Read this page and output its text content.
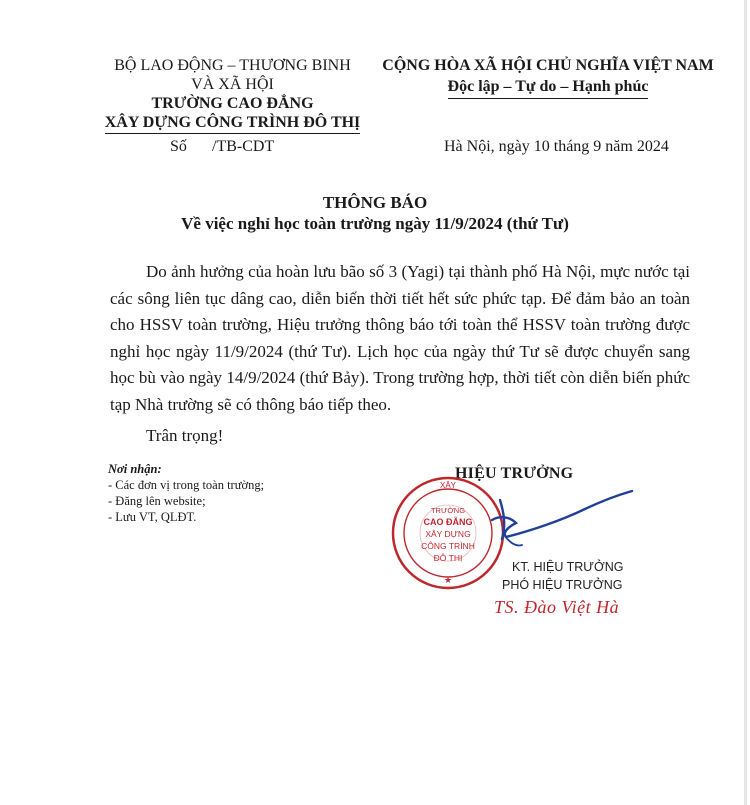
BỘ LAO ĐỘNG – THƯƠNG BINH
VÀ XÃ HỘI
TRƯỜNG CAO ĐẲNG
XÂY DỰNG CÔNG TRÌNH ĐÔ THỊ
CỘNG HÒA XÃ HỘI CHỦ NGHĨA VIỆT NAM
Độc lập – Tự do – Hạnh phúc
Số /TB-CDT	Hà Nội, ngày 10 tháng 9 năm 2024
THÔNG BÁO
Về việc nghỉ học toàn trường ngày 11/9/2024 (thứ Tư)
Do ảnh hưởng của hoàn lưu bão số 3 (Yagi) tại thành phố Hà Nội, mực nước tại các sông liên tục dâng cao, diễn biến thời tiết hết sức phức tạp. Để đảm bảo an toàn cho HSSV toàn trường, Hiệu trưởng thông báo tới toàn thể HSSV toàn trường được nghỉ học ngày 11/9/2024 (thứ Tư). Lịch học của ngày thứ Tư sẽ được chuyển sang học bù vào ngày 14/9/2024 (thứ Bảy). Trong trường hợp, thời tiết còn diễn biến phức tạp Nhà trường sẽ có thông báo tiếp theo.
Trân trọng!
Nơi nhận:
- Các đơn vị trong toàn trường;
- Đăng lên website;
- Lưu VT, QLĐT.
HIỆU TRƯỞNG
XÂY
TRƯỜNG
CAO ĐẲNG
XÂY DỰNG
CÔNG TRÌNH
ĐÔ THỊ
★
KT. HIỆU TRƯỞNG
PHÓ HIỆU TRƯỞNG
TS. Đào Việt Hà
